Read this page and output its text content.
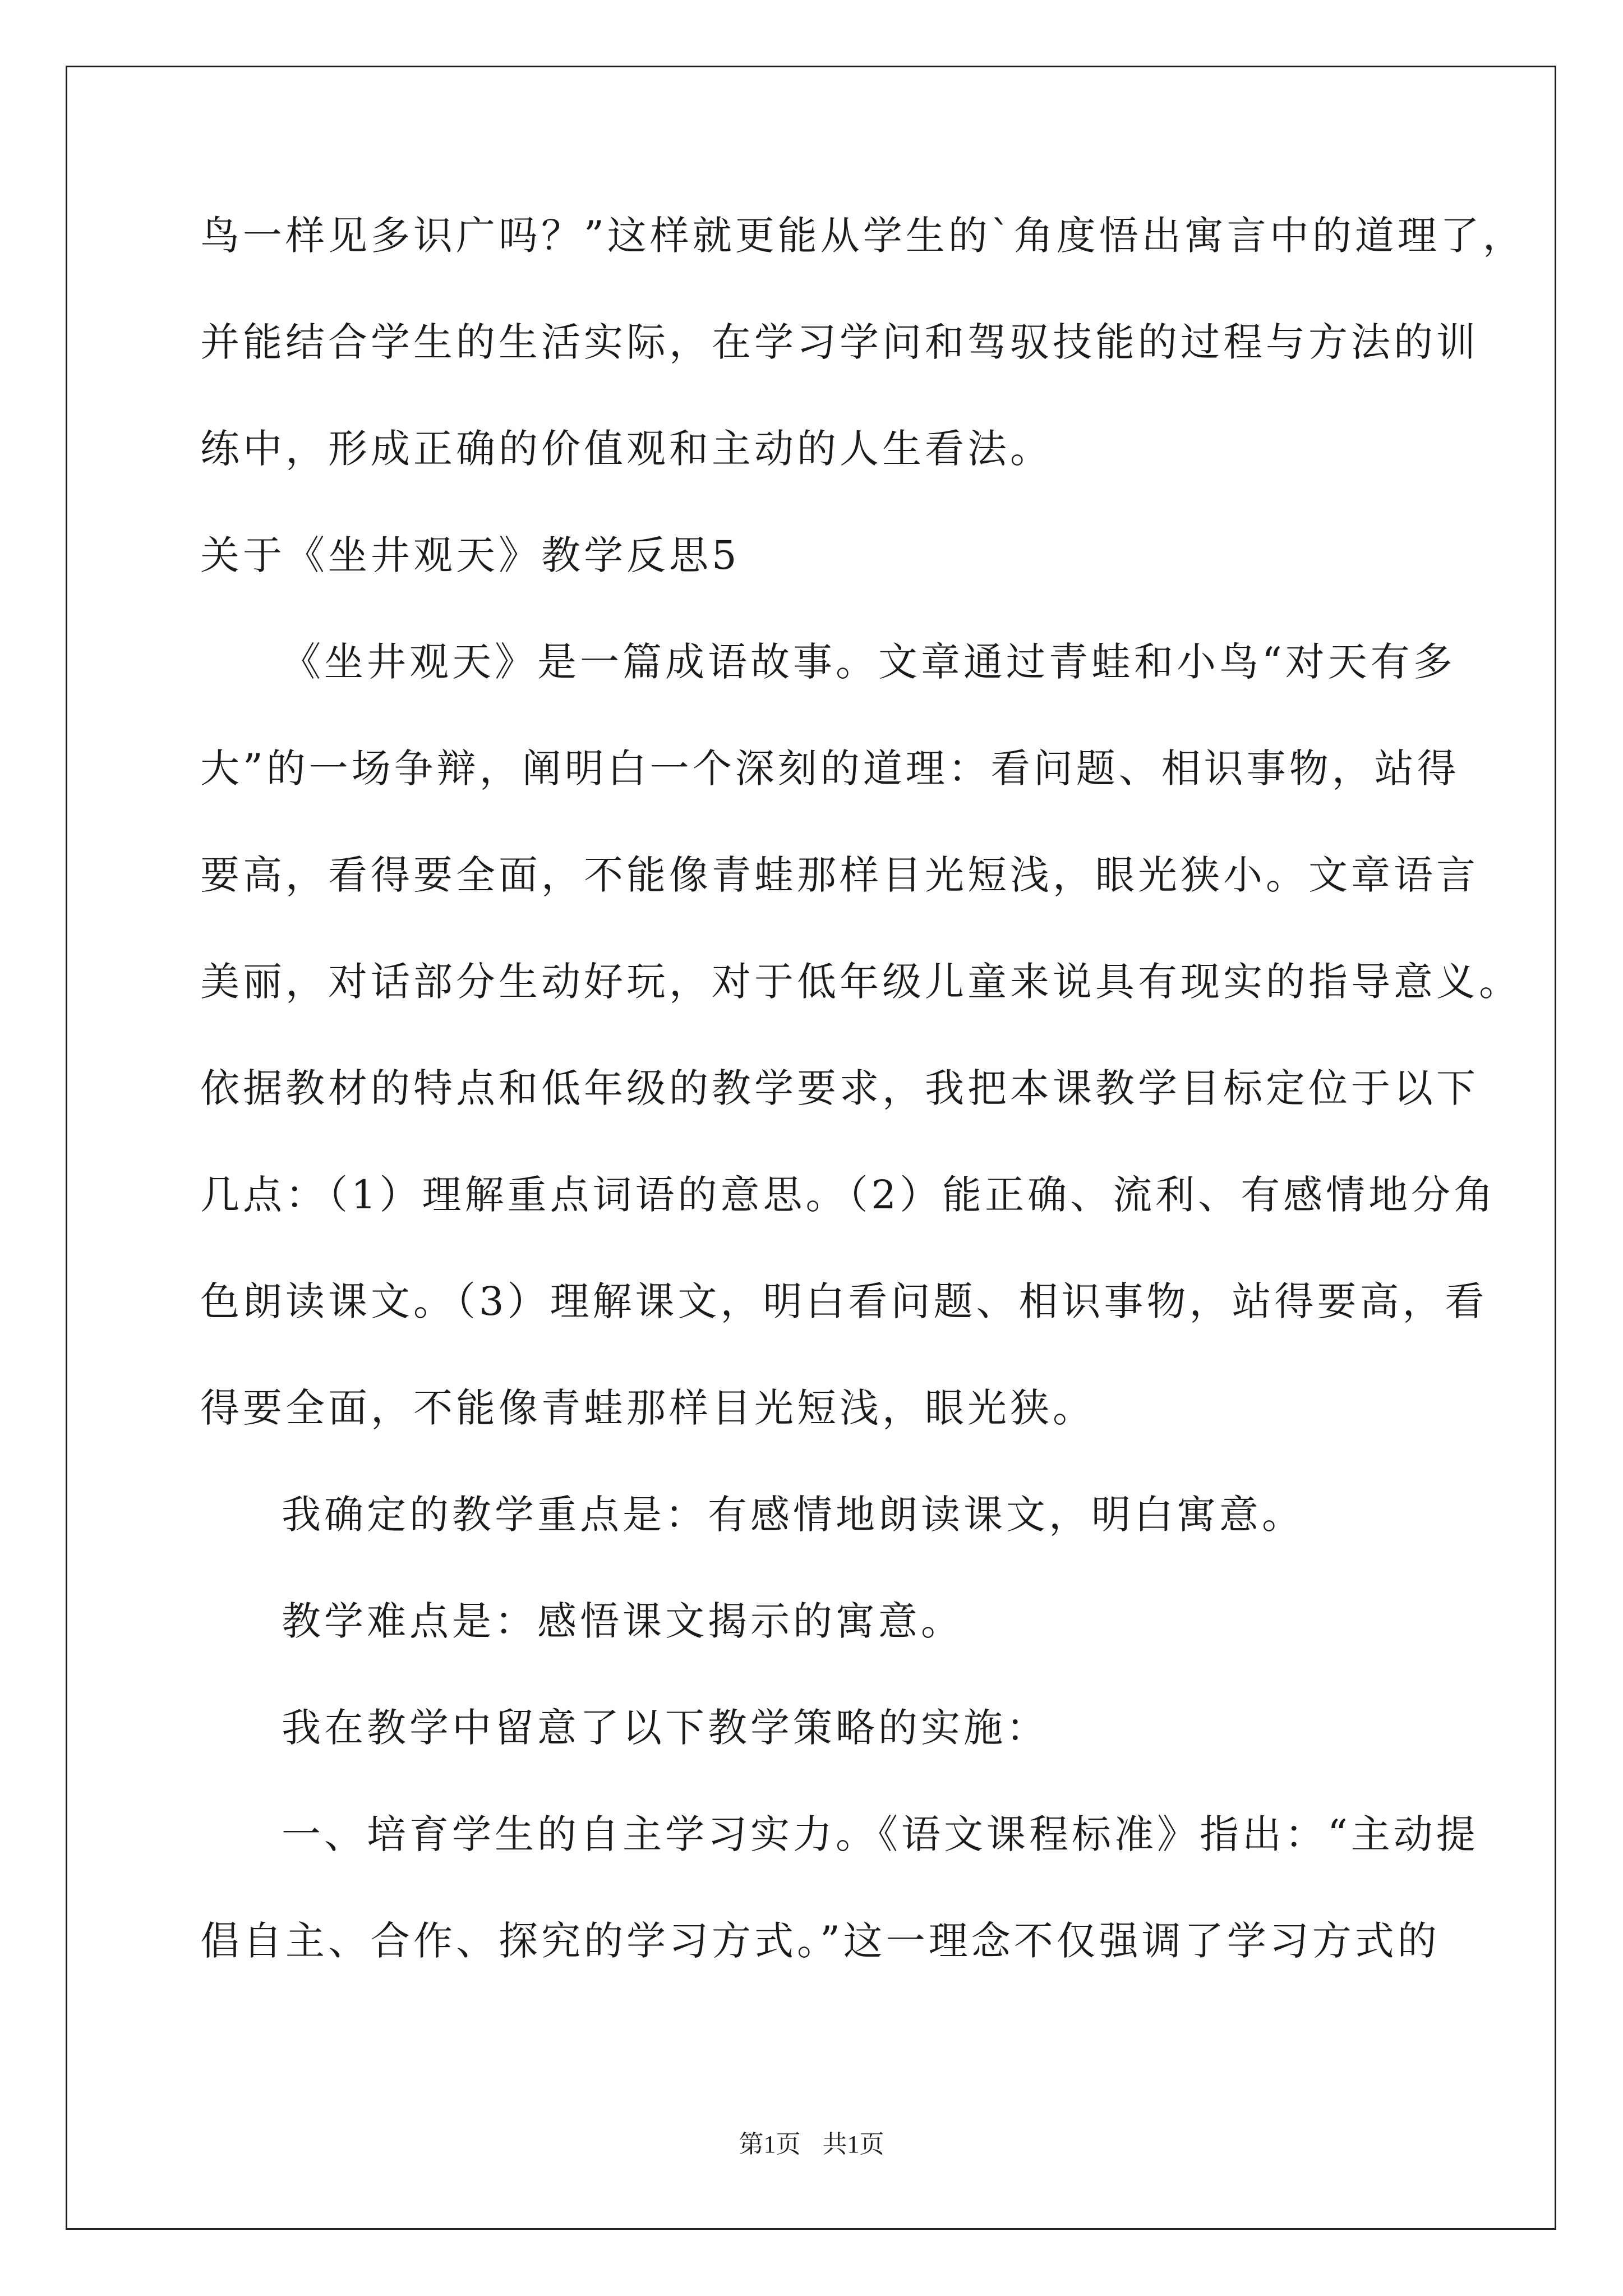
鸟一样见多识广吗？”这样就更能从学生的`角度悟出寓言中的道理了，
并能结合学生的生活实际，在学习学问和驾驭技能的过程与方法的训
练中，形成正确的价值观和主动的人生看法。
关于《坐井观天》教学反思5
《坐井观天》是一篇成语故事。文章通过青蛙和小鸟“对天有多
大”的一场争辩，阐明白一个深刻的道理：看问题、相识事物，站得
要高，看得要全面，不能像青蛙那样目光短浅，眼光狭小。文章语言
美丽，对话部分生动好玩，对于低年级儿童来说具有现实的指导意义。
依据教材的特点和低年级的教学要求，我把本课教学目标定位于以下
几点：（1）理解重点词语的意思。（2）能正确、流利、有感情地分角
色朗读课文。（3）理解课文，明白看问题、相识事物，站得要高，看
得要全面，不能像青蛙那样目光短浅，眼光狭。
我确定的教学重点是：有感情地朗读课文，明白寓意。
教学难点是：感悟课文揭示的寓意。
我在教学中留意了以下教学策略的实施：
一、培育学生的自主学习实力。《语文课程标准》指出：“主动提
倡自主、合作、探究的学习方式。”这一理念不仅强调了学习方式的
第1页 共1页
